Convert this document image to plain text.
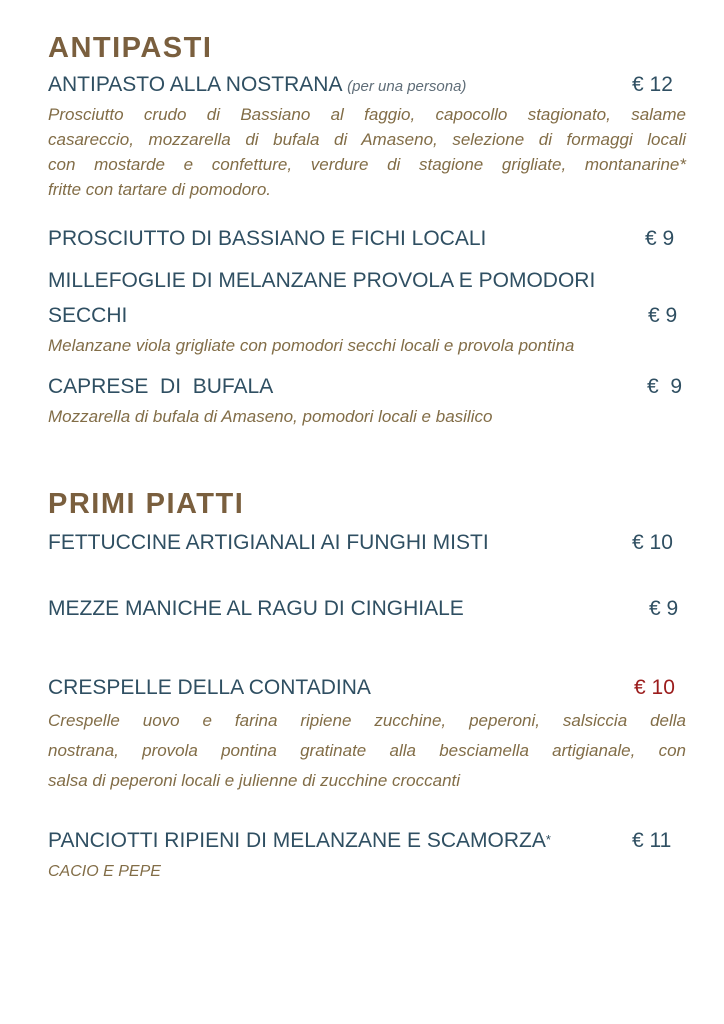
ANTIPASTI
ANTIPASTO ALLA NOSTRANA (per una persona)	€ 12
Prosciutto crudo di Bassiano al faggio, capocollo stagionato, salame
casareccio, mozzarella di bufala di Amaseno, selezione di formaggi locali
con mostarde e confetture, verdure di stagione grigliate, montanarine*
fritte con tartare di pomodoro.
PROSCIUTTO DI BASSIANO E FICHI LOCALI	€ 9
MILLEFOGLIE DI MELANZANE PROVOLA E POMODORI
SECCHI	€ 9
Melanzane viola grigliate con pomodori secchi locali e provola pontina
CAPRESE  DI  BUFALA	€  9
Mozzarella di bufala di Amaseno, pomodori locali e basilico
PRIMI PIATTI
FETTUCCINE ARTIGIANALI AI FUNGHI MISTI	€ 10
MEZZE MANICHE AL RAGU DI CINGHIALE	€ 9
CRESPELLE DELLA CONTADINA	€ 10
Crespelle uovo e farina ripiene zucchine, peperoni, salsiccia della
nostrana, provola pontina gratinate alla besciamella artigianale, con
salsa di peperoni locali e julienne di zucchine croccanti
PANCIOTTI RIPIENI DI MELANZANE E SCAMORZA*	€ 11
CACIO E PEPE
